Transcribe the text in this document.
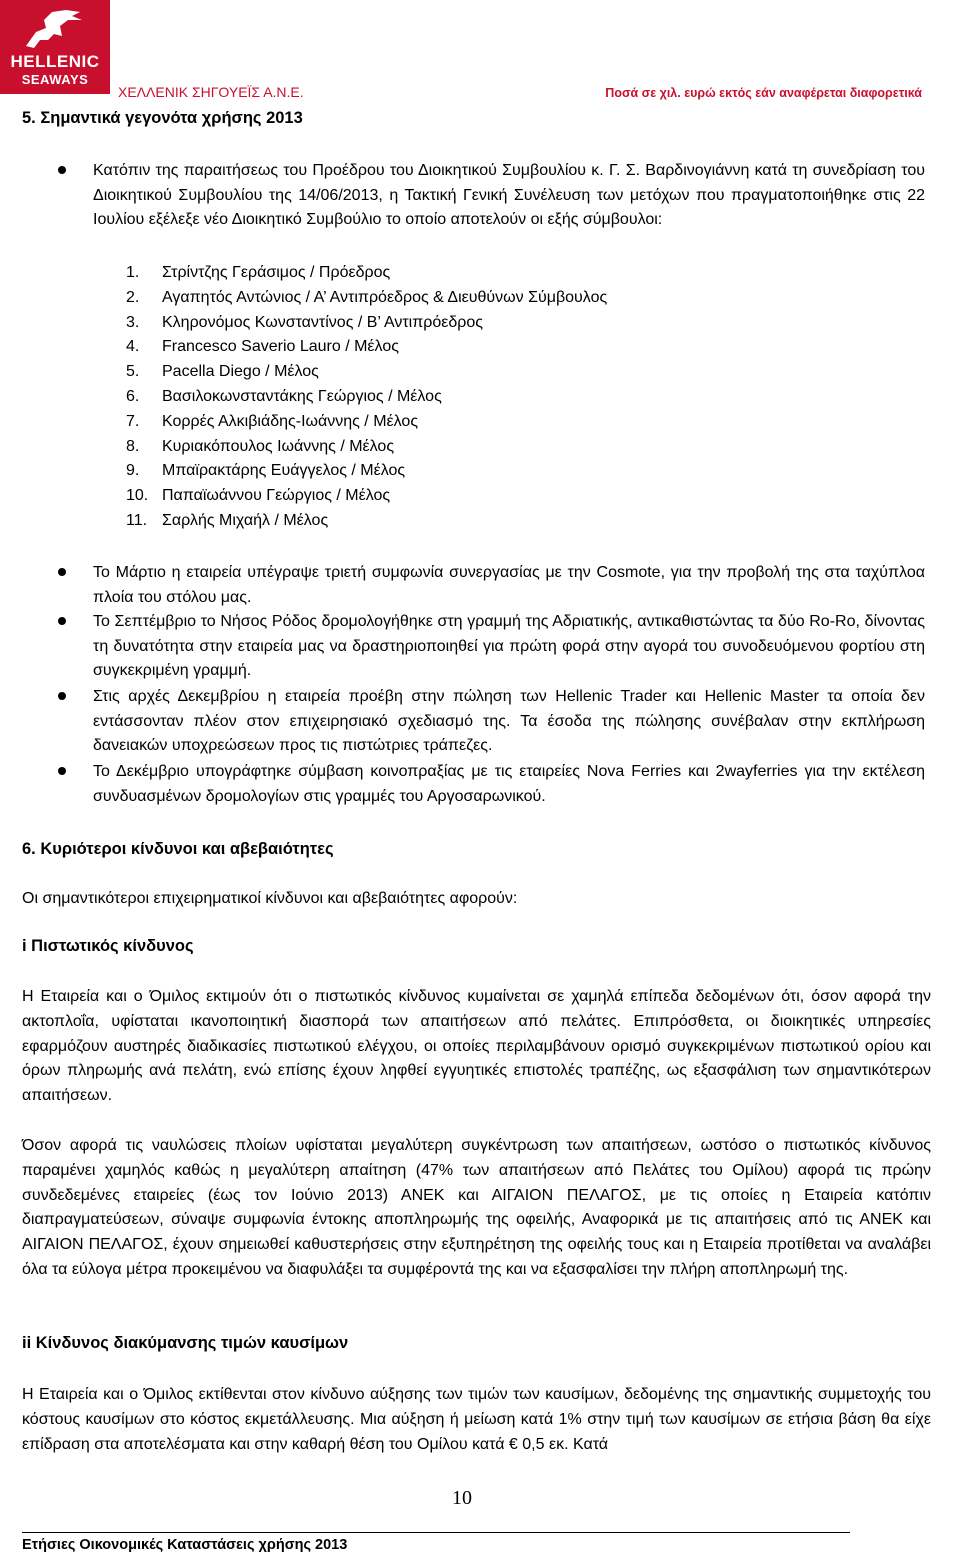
HELLENIC
SEAWAYS
ΧΕΛΛΕΝΙΚ ΣΗΓΟΥΕΪΣ Α.Ν.Ε.	Ποσά σε χιλ. ευρώ εκτός εάν αναφέρεται διαφορετικά
5. Σημαντικά γεγονότα χρήσης 2013
Κατόπιν της παραιτήσεως του Προέδρου του Διοικητικού Συμβουλίου κ. Γ. Σ. Βαρδινογιάννη κατά τη συνεδρίαση του Διοικητικού Συμβουλίου της 14/06/2013, η Τακτική Γενική Συνέλευση των μετόχων που πραγματοποιήθηκε στις 22 Ιουλίου εξέλεξε νέο Διοικητικό Συμβούλιο το οποίο αποτελούν οι εξής σύμβουλοι:
1. Στρίντζης Γεράσιμος / Πρόεδρος
2. Αγαπητός Αντώνιος / Α’ Αντιπρόεδρος & Διευθύνων Σύμβουλος
3. Κληρονόμος Κωνσταντίνος / Β’ Αντιπρόεδρος
4. Francesco Saverio Lauro / Μέλος
5. Pacella Diego / Μέλος
6. Βασιλοκωνσταντάκης Γεώργιος / Μέλος
7. Κορρές Αλκιβιάδης-Ιωάννης / Μέλος
8. Κυριακόπουλος Ιωάννης / Μέλος
9. Μπαϊρακτάρης Ευάγγελος / Μέλος
10. Παπαϊωάννου Γεώργιος / Μέλος
11. Σαρλής Μιχαήλ / Μέλος
Το Μάρτιο η εταιρεία υπέγραψε τριετή συμφωνία συνεργασίας με την Cosmote, για την προβολή της στα ταχύπλοα πλοία του στόλου μας.
Το Σεπτέμβριο το Νήσος Ρόδος δρομολογήθηκε στη γραμμή της Αδριατικής, αντικαθιστώντας τα δύο Ro-Ro, δίνοντας τη δυνατότητα στην εταιρεία μας να δραστηριοποιηθεί για πρώτη φορά στην αγορά του συνοδευόμενου φορτίου στη συγκεκριμένη γραμμή.
Στις αρχές Δεκεμβρίου η εταιρεία προέβη στην πώληση των Hellenic Trader και Hellenic Master τα οποία δεν εντάσσονταν πλέον στον επιχειρησιακό σχεδιασμό της. Τα έσοδα της πώλησης συνέβαλαν στην εκπλήρωση δανειακών υποχρεώσεων προς τις πιστώτριες τράπεζες.
Το Δεκέμβριο υπογράφτηκε σύμβαση κοινοπραξίας με τις εταιρείες Nova Ferries και 2wayferries για την εκτέλεση συνδυασμένων δρομολογίων στις γραμμές του Αργοσαρωνικού.
6. Κυριότεροι κίνδυνοι και αβεβαιότητες
Οι σημαντικότεροι επιχειρηματικοί κίνδυνοι και αβεβαιότητες αφορούν:
i Πιστωτικός κίνδυνος
Η Εταιρεία και ο Όμιλος εκτιμούν ότι ο πιστωτικός κίνδυνος κυμαίνεται σε χαμηλά επίπεδα δεδομένων ότι, όσον αφορά την ακτοπλοΐα, υφίσταται ικανοποιητική διασπορά των απαιτήσεων από πελάτες. Επιπρόσθετα, οι διοικητικές υπηρεσίες εφαρμόζουν αυστηρές διαδικασίες πιστωτικού ελέγχου, οι οποίες περιλαμβάνουν ορισμό συγκεκριμένων πιστωτικού ορίου και όρων πληρωμής ανά πελάτη, ενώ επίσης έχουν ληφθεί εγγυητικές επιστολές τραπέζης, ως εξασφάλιση των σημαντικότερων απαιτήσεων.
Όσον αφορά τις ναυλώσεις πλοίων υφίσταται μεγαλύτερη συγκέντρωση των απαιτήσεων, ωστόσο ο πιστωτικός κίνδυνος παραμένει χαμηλός καθώς η μεγαλύτερη απαίτηση (47% των απαιτήσεων από Πελάτες του Ομίλου) αφορά τις πρώην συνδεδεμένες εταιρείες (έως τον Ιούνιο 2013) ΑΝΕΚ και ΑΙΓΑΙΟΝ ΠΕΛΑΓΟΣ, με τις οποίες η Εταιρεία κατόπιν διαπραγματεύσεων, σύναψε συμφωνία έντοκης αποπληρωμής της οφειλής, Αναφορικά με τις απαιτήσεις από τις ΑΝΕΚ και ΑΙΓΑΙΟΝ ΠΕΛΑΓΟΣ, έχουν σημειωθεί καθυστερήσεις στην εξυπηρέτηση της οφειλής τους και η Εταιρεία προτίθεται να αναλάβει όλα τα εύλογα μέτρα προκειμένου να διαφυλάξει τα συμφέροντά της και να εξασφαλίσει την πλήρη αποπληρωμή της.
ii Κίνδυνος διακύμανσης τιμών καυσίμων
Η Εταιρεία και ο Όμιλος εκτίθενται στον κίνδυνο αύξησης των τιμών των καυσίμων, δεδομένης της σημαντικής συμμετοχής του κόστους καυσίμων στο κόστος εκμετάλλευσης. Μια αύξηση ή μείωση κατά 1% στην τιμή των καυσίμων σε ετήσια βάση θα είχε επίδραση στα αποτελέσματα και στην καθαρή θέση του Ομίλου κατά € 0,5 εκ. Κατά
10
Ετήσιες Οικονομικές Καταστάσεις χρήσης 2013
